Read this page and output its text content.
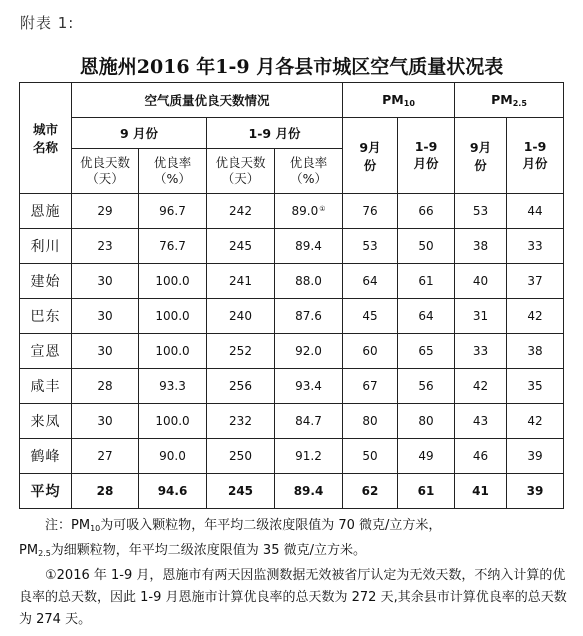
附表 1:
恩施州2016 年1-9 月各县市城区空气质量状况表
城市名称	空气质量优良天数情况				PM10		PM2.5	
	9 月份		1-9 月份		9月份	1-9月份	9月份	1-9月份
	优良天数（天）	优良率（%）	优良天数（天）	优良率（%）				
恩施	29	96.7	242	89.0①	76	66	53	44
利川	23	76.7	245	89.4	53	50	38	33
建始	30	100.0	241	88.0	64	61	40	37
巴东	30	100.0	240	87.6	45	64	31	42
宣恩	30	100.0	252	92.0	60	65	33	38
咸丰	28	93.3	256	93.4	67	56	42	35
来凤	30	100.0	232	84.7	80	80	43	42
鹤峰	27	90.0	250	91.2	50	49	46	39
平均	28	94.6	245	89.4	62	61	41	39

注：PM10为可吸入颗粒物，年平均二级浓度限值为 70 微克/立方米，

PM2.5为细颗粒物，年平均二级浓度限值为 35 微克/立方米。

①2016 年 1-9 月，恩施市有两天因监测数据无效被省厅认定为无效天数，不纳入计算的优良率的总天数，因此 1-9 月恩施市计算优良率的总天数为 272 天,其余县市计算优良率的总天数为 274 天。
